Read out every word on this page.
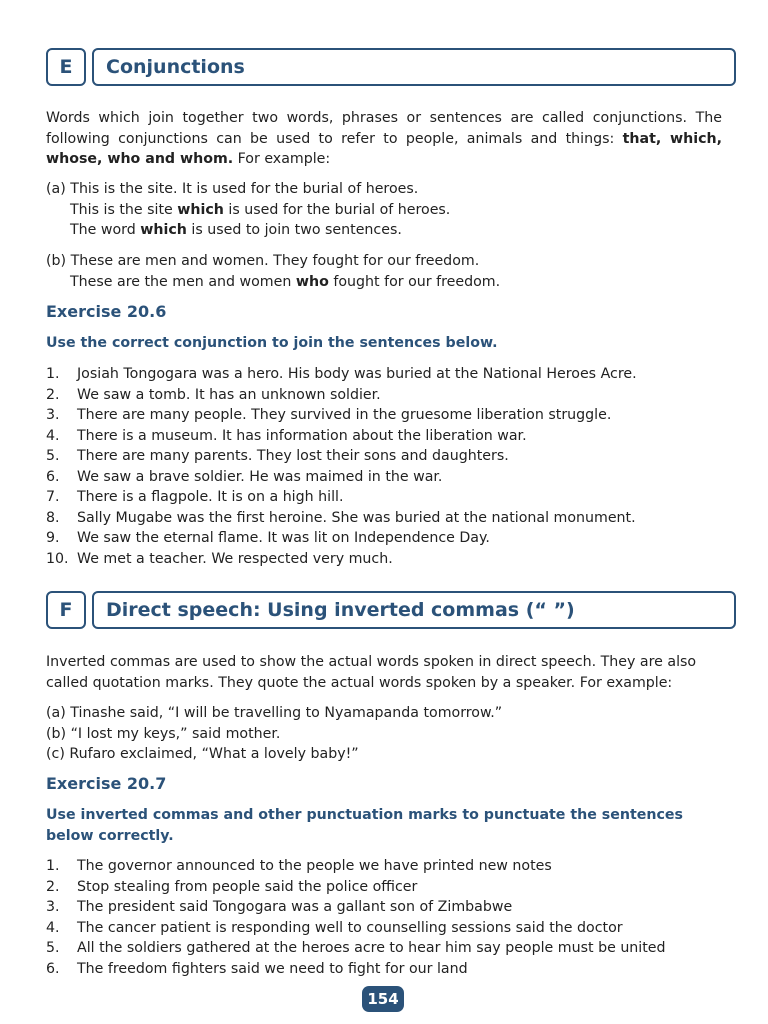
E	Conjunctions
Words which join together two words, phrases or sentences are called conjunctions. The following conjunctions can be used to refer to people, animals and things: that, which, whose, who and whom. For example:
(a) This is the site. It is used for the burial of heroes.
This is the site which is used for the burial of heroes.
The word which is used to join two sentences.
(b) These are men and women. They fought for our freedom.
These are the men and women who fought for our freedom.
Exercise 20.6
Use the correct conjunction to join the sentences below.
1.	Josiah Tongogara was a hero. His body was buried at the National Heroes Acre.
2.	We saw a tomb. It has an unknown soldier.
3.	There are many people. They survived in the gruesome liberation struggle.
4.	There is a museum. It has information about the liberation war.
5.	There are many parents. They lost their sons and daughters.
6.	We saw a brave soldier. He was maimed in the war.
7.	There is a flagpole. It is on a high hill.
8.	Sally Mugabe was the first heroine. She was buried at the national monument.
9.	We saw the eternal flame. It was lit on Independence Day.
10. We met a teacher. We respected very much.
F	Direct speech: Using inverted commas (“ ”)
Inverted commas are used to show the actual words spoken in direct speech. They are also called quotation marks. They quote the actual words spoken by a speaker. For example:
(a) Tinashe said, “I will be travelling to Nyamapanda tomorrow.”
(b) “I lost my keys,” said mother.
(c) Rufaro exclaimed, “What a lovely baby!”
Exercise 20.7
Use inverted commas and other punctuation marks to punctuate the sentences below correctly.
1.	The governor announced to the people we have printed new notes
2.	Stop stealing from people said the police officer
3.	The president said Tongogara was a gallant son of Zimbabwe
4.	The cancer patient is responding well to counselling sessions said the doctor
5.	All the soldiers gathered at the heroes acre to hear him say people must be united
6.	The freedom fighters said we need to fight for our land
154
